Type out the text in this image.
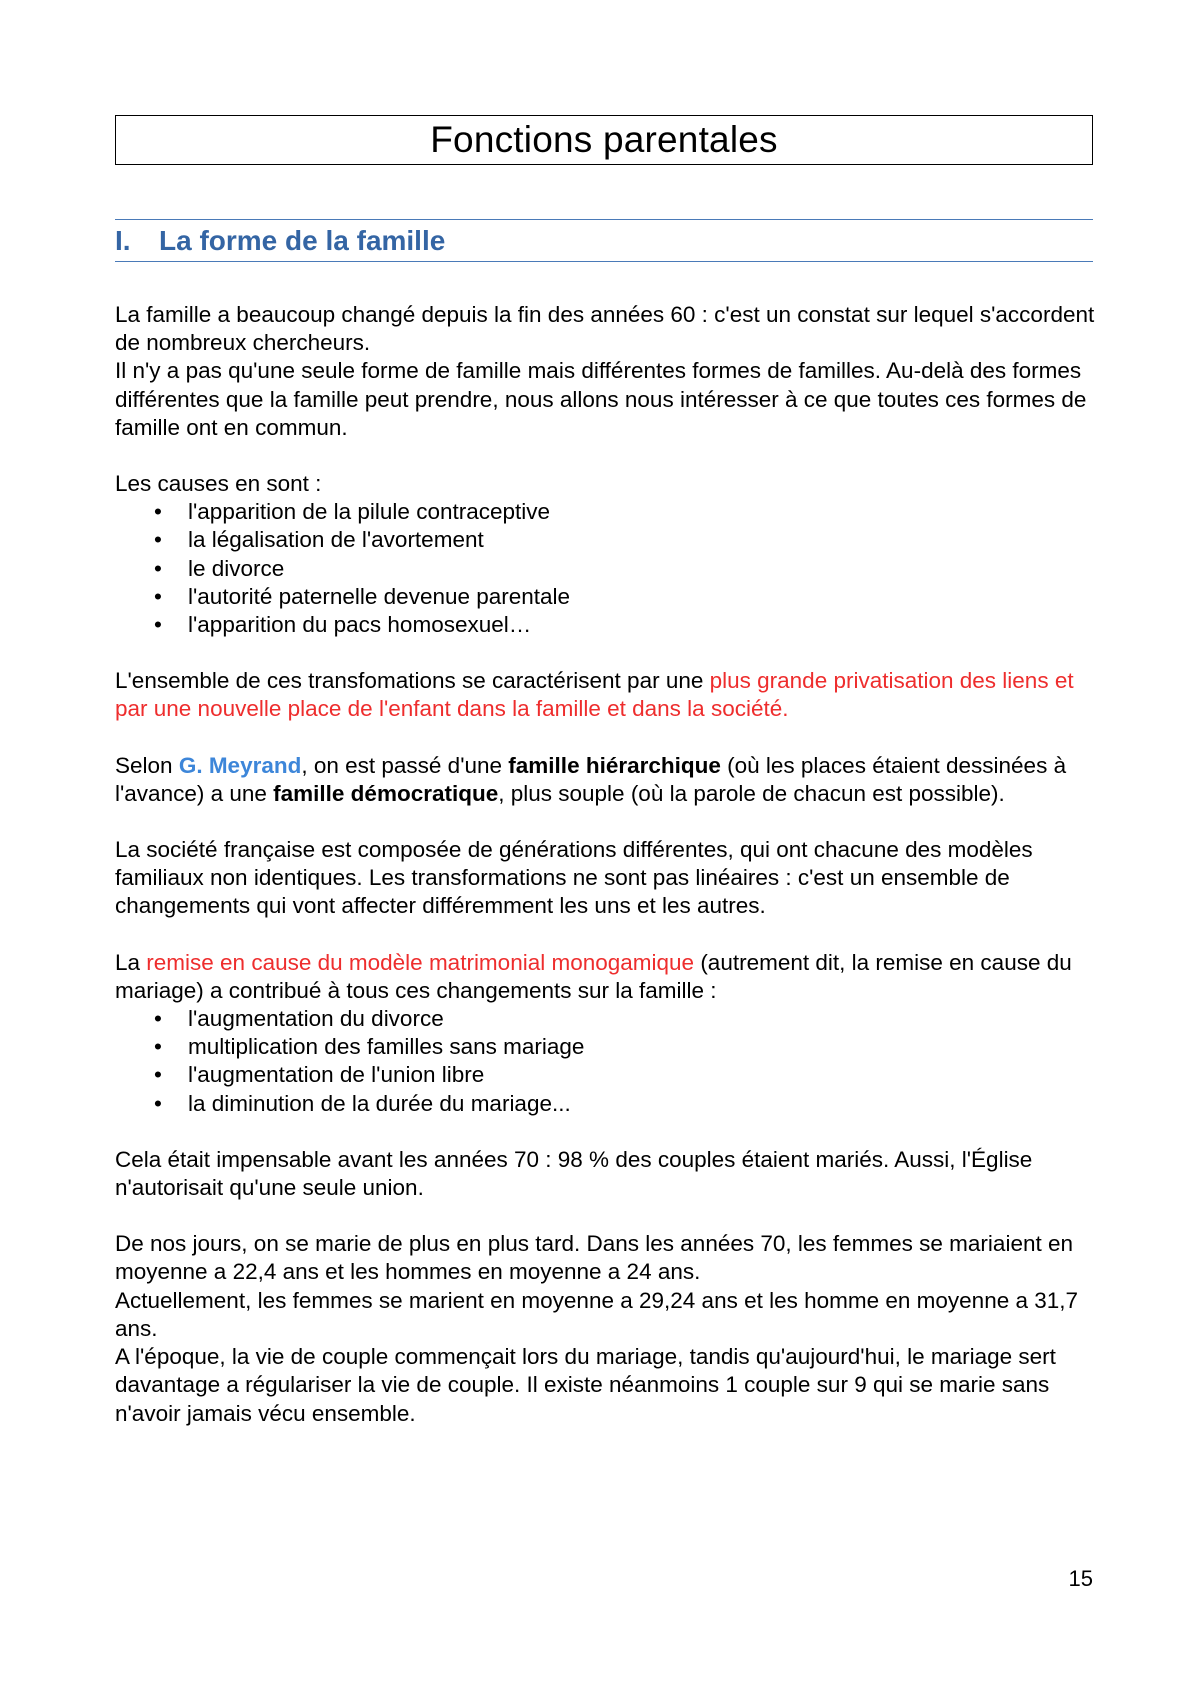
Fonctions parentales
I.	La forme de la famille

La famille a beaucoup changé depuis la fin des années 60 : c'est un constat sur lequel s'accordent de nombreux chercheurs.

Il n'y a pas qu'une seule forme de famille mais différentes formes de familles. Au-delà des formes différentes que la famille peut prendre, nous allons nous intéresser à ce que toutes ces formes de famille ont en commun.

Les causes en sont :

• l'apparition de la pilule contraceptive
• la légalisation de l'avortement
• le divorce
• l'autorité paternelle devenue parentale
• l'apparition du pacs homosexuel…

L'ensemble de ces transfomations se caractérisent par une plus grande privatisation des liens et par une nouvelle place de l'enfant dans la famille et dans la société.

Selon G. Meyrand, on est passé d'une famille hiérarchique (où les places étaient dessinées à l'avance) a une famille démocratique, plus souple (où la parole de chacun est possible).

La société française est composée de générations différentes, qui ont chacune des modèles familiaux non identiques. Les transformations ne sont pas linéaires : c'est un ensemble de changements qui vont affecter différemment les uns et les autres.

La remise en cause du modèle matrimonial monogamique (autrement dit, la remise en cause du mariage) a contribué à tous ces changements sur la famille :

• l'augmentation du divorce
• multiplication des familles sans mariage
• l'augmentation de l'union libre
• la diminution de la durée du mariage...

Cela était impensable avant les années 70 : 98 % des couples étaient mariés. Aussi, l'Église n'autorisait qu'une seule union.

De nos jours, on se marie de plus en plus tard. Dans les années 70, les femmes se mariaient en moyenne a 22,4 ans et les hommes en moyenne a 24 ans.

Actuellement, les femmes se marient en moyenne a 29,24 ans et les homme en moyenne a 31,7 ans.

A l'époque, la vie de couple commençait lors du mariage, tandis qu'aujourd'hui, le mariage sert davantage a régulariser la vie de couple. Il existe néanmoins 1 couple sur 9 qui se marie sans n'avoir jamais vécu ensemble.

15
